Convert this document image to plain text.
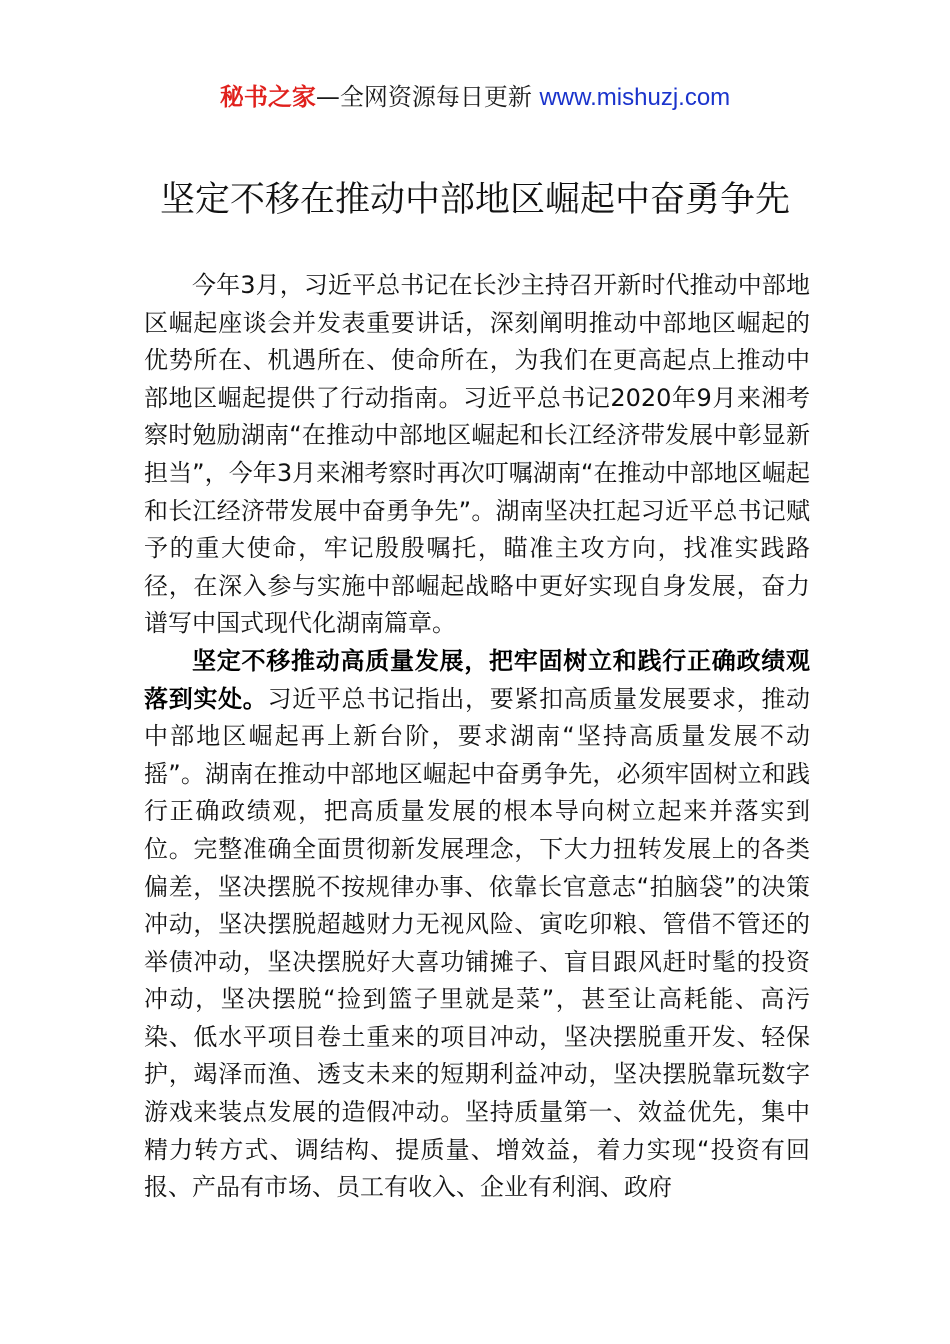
秘书之家—全网资源每日更新 www.mishuzj.com
坚定不移在推动中部地区崛起中奋勇争先

今年3月，习近平总书记在长沙主持召开新时代推动中部地区崛起座谈会并发表重要讲话，深刻阐明推动中部地区崛起的优势所在、机遇所在、使命所在，为我们在更高起点上推动中部地区崛起提供了行动指南。习近平总书记2020年9月来湘考察时勉励湖南“在推动中部地区崛起和长江经济带发展中彰显新担当”，今年3月来湘考察时再次叮嘱湖南“在推动中部地区崛起和长江经济带发展中奋勇争先”。湖南坚决扛起习近平总书记赋予的重大使命，牢记殷殷嘱托，瞄准主攻方向，找准实践路径，在深入参与实施中部崛起战略中更好实现自身发展，奋力谱写中国式现代化湖南篇章。

坚定不移推动高质量发展，把牢固树立和践行正确政绩观落到实处。习近平总书记指出，要紧扣高质量发展要求，推动中部地区崛起再上新台阶，要求湖南“坚持高质量发展不动摇”。湖南在推动中部地区崛起中奋勇争先，必须牢固树立和践行正确政绩观，把高质量发展的根本导向树立起来并落实到位。完整准确全面贯彻新发展理念，下大力扭转发展上的各类偏差，坚决摆脱不按规律办事、依靠长官意志“拍脑袋”的决策冲动，坚决摆脱超越财力无视风险、寅吃卯粮、管借不管还的举债冲动，坚决摆脱好大喜功铺摊子、盲目跟风赶时髦的投资冲动，坚决摆脱“捡到篮子里就是菜”，甚至让高耗能、高污染、低水平项目卷土重来的项目冲动，坚决摆脱重开发、轻保护，竭泽而渔、透支未来的短期利益冲动，坚决摆脱靠玩数字游戏来装点发展的造假冲动。坚持质量第一、效益优先，集中精力转方式、调结构、提质量、增效益，着力实现“投资有回报、产品有市场、员工有收入、企业有利润、政府
